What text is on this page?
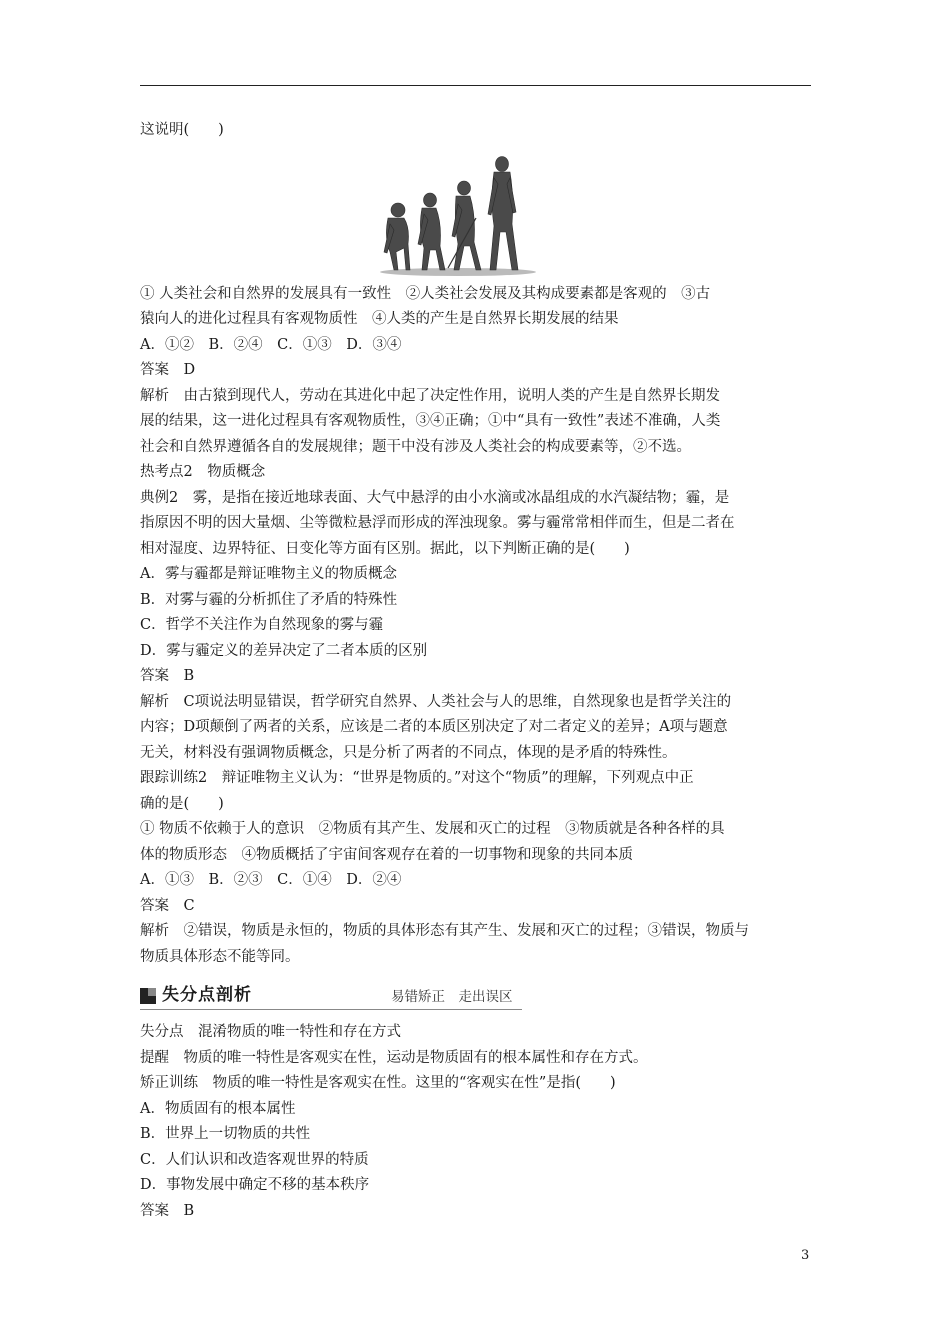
这说明(　　)

① 人类社会和自然界的发展具有一致性　②人类社会发展及其构成要素都是客观的　③古

猿向人的进化过程具有客观物质性　④人类的产生是自然界长期发展的结果

A．①②　B．②④　C．①③　D．③④

答案　D

解析　由古猿到现代人，劳动在其进化中起了决定性作用，说明人类的产生是自然界长期发

展的结果，这一进化过程具有客观物质性，③④正确；①中“具有一致性”表述不准确，人类

社会和自然界遵循各自的发展规律；题干中没有涉及人类社会的构成要素等，②不选。

热考点2　物质概念

典例2　雾，是指在接近地球表面、大气中悬浮的由小水滴或冰晶组成的水汽凝结物；霾，是

指原因不明的因大量烟、尘等微粒悬浮而形成的浑浊现象。雾与霾常常相伴而生，但是二者在

相对湿度、边界特征、日变化等方面有区别。据此，以下判断正确的是(　　)

A．雾与霾都是辩证唯物主义的物质概念

B．对雾与霾的分析抓住了矛盾的特殊性

C．哲学不关注作为自然现象的雾与霾

D．雾与霾定义的差异决定了二者本质的区别

答案　B

解析　C项说法明显错误，哲学研究自然界、人类社会与人的思维，自然现象也是哲学关注的

内容；D项颠倒了两者的关系，应该是二者的本质区别决定了对二者定义的差异；A项与题意

无关，材料没有强调物质概念，只是分析了两者的不同点，体现的是矛盾的特殊性。

跟踪训练2　辩证唯物主义认为：“世界是物质的。”对这个“物质”的理解，下列观点中正

确的是(　　)

① 物质不依赖于人的意识　②物质有其产生、发展和灭亡的过程　③物质就是各种各样的具

体的物质形态　④物质概括了宇宙间客观存在着的一切事物和现象的共同本质

A．①③　B．②③　C．①④　D．②④

答案　C

解析　②错误，物质是永恒的，物质的具体形态有其产生、发展和灭亡的过程；③错误，物质与

物质具体形态不能等同。

失分点剖析	易错矫正　走出误区

失分点　混淆物质的唯一特性和存在方式

提醒　物质的唯一特性是客观实在性，运动是物质固有的根本属性和存在方式。

矫正训练　物质的唯一特性是客观实在性。这里的“客观实在性”是指(　　)

A．物质固有的根本属性

B．世界上一切物质的共性

C．人们认识和改造客观世界的特质

D．事物发展中确定不移的基本秩序

答案　B

3
